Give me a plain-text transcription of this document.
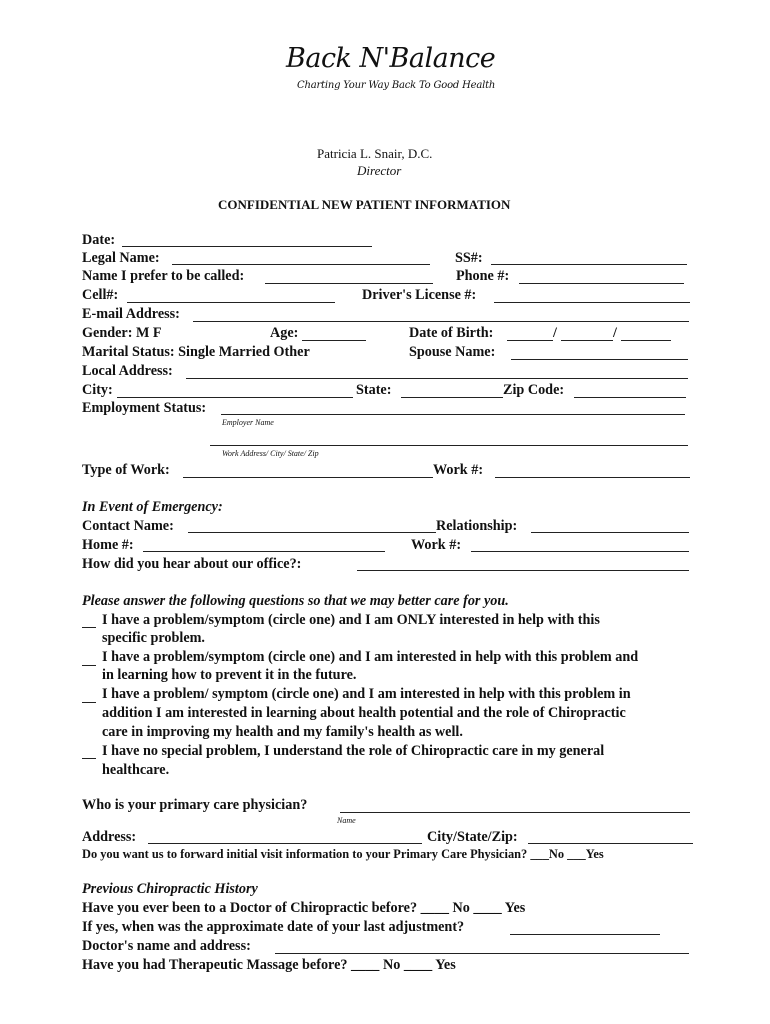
Back N'Balance
Charting Your Way Back To Good Health
Patricia L. Snair, D.C.
Director
CONFIDENTIAL NEW PATIENT INFORMATION
Date:
Legal Name:	SS#:
Name I prefer to be called:	Phone #:
Cell#:	Driver's License #:
E-mail Address:
Gender: M F	Age:	Date of Birth:	/	/
Marital Status: Single Married Other	Spouse Name:
Local Address:
City:	State:	Zip Code:
Employment Status:
Employer Name
Work Address/ City/ State/ Zip
Type of Work:	Work #:
In Event of Emergency:
Contact Name:	Relationship:
Home #:	Work #:
How did you hear about our office?:
Please answer the following questions so that we may better care for you.
I have a problem/symptom (circle one) and I am ONLY interested in help with this
specific problem.
I have a problem/symptom (circle one) and I am interested in help with this problem and
in learning how to prevent it in the future.
I have a problem/ symptom (circle one) and I am interested in help with this problem in
addition I am interested in learning about health potential and the role of Chiropractic
care in improving my health and my family's health as well.
I have no special problem, I understand the role of Chiropractic care in my general
healthcare.
Who is your primary care physician?
Name
Address:	City/State/Zip:
Do you want us to forward initial visit information to your Primary Care Physician? ___No ___Yes
Previous Chiropractic History
Have you ever been to a Doctor of Chiropractic before? ____ No ____ Yes
If yes, when was the approximate date of your last adjustment?
Doctor's name and address:
Have you had Therapeutic Massage before? ____ No ____ Yes
